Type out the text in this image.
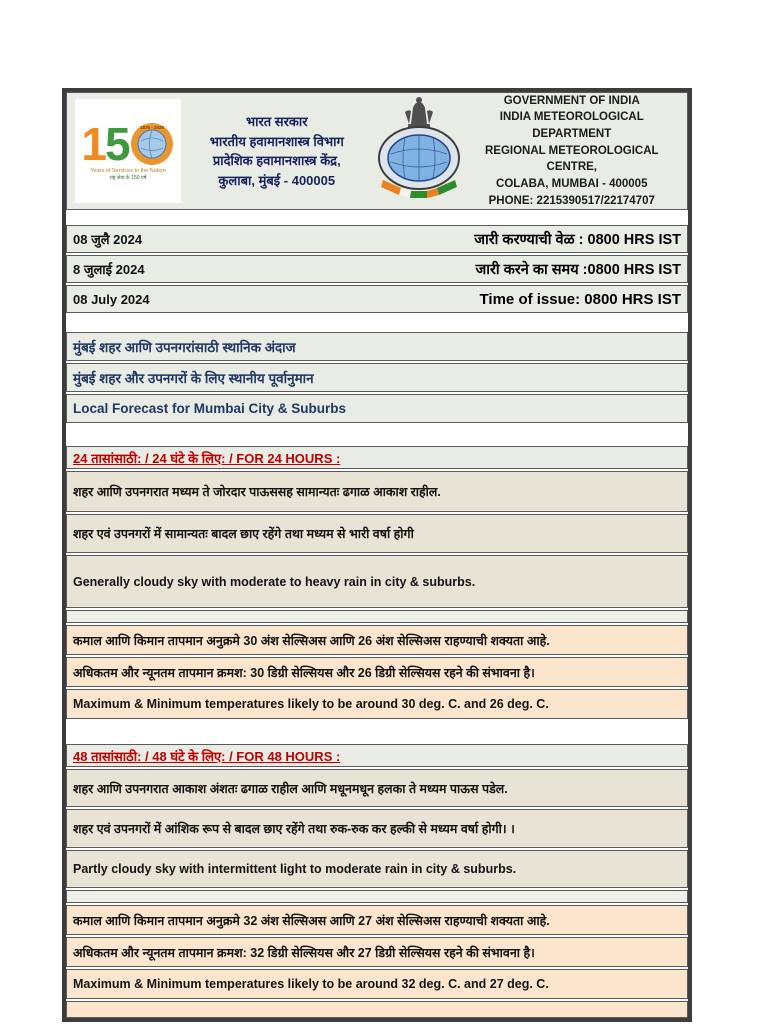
1 5 1875 - 2025
Years of Services to the Nation
राष्ट्र सेवा के 150 वर्ष
भारत सरकार
भारतीय हवामानशास्त्र विभाग
प्रादेशिक हवामानशास्त्र केंद्र,
कुलाबा, मुंबई - 400005
GOVERNMENT OF INDIA
INDIA METEOROLOGICAL DEPARTMENT
REGIONAL METEOROLOGICAL CENTRE,
COLABA, MUMBAI - 400005
PHONE: 2215390517/22174707
08 जुलै 2024	जारी करण्याची वेळ : 0800 HRS IST
8 जुलाई 2024	जारी करने का समय :0800 HRS IST
08 July 2024	Time of issue: 0800 HRS IST
मुंबई शहर आणि उपनगरांसाठी स्थानिक अंदाज
मुंबई शहर और उपनगरों के लिए स्थानीय पूर्वानुमान
Local Forecast for Mumbai City & Suburbs
24 तासांसाठी: / 24 घंटे के लिए: / FOR 24 HOURS :
शहर आणि उपनगरात मध्यम ते जोरदार पाऊससह सामान्यतः ढगाळ आकाश राहील.
शहर एवं उपनगरों में सामान्यतः बादल छाए रहेंगे तथा मध्यम से भारी वर्षा होगी
Generally cloudy sky with moderate to heavy rain in city & suburbs.
कमाल आणि किमान तापमान अनुक्रमे 30 अंश सेल्सिअस आणि 26 अंश सेल्सिअस राहण्याची शक्यता आहे.
अधिकतम और न्यूनतम तापमान क्रमश: 30 डिग्री सेल्सियस और 26 डिग्री सेल्सियस रहने की संभावना है।
Maximum & Minimum temperatures likely to be around 30 deg. C. and 26 deg. C.
48 तासांसाठी: / 48 घंटे के लिए: / FOR 48 HOURS :
शहर आणि उपनगरात आकाश अंशतः ढगाळ राहील आणि मधूनमधून हलका ते मध्यम पाऊस पडेल.
शहर एवं उपनगरों में आंशिक रूप से बादल छाए रहेंगे तथा रुक-रुक कर हल्की से मध्यम वर्षा होगी। ।
Partly cloudy sky with intermittent light to moderate rain in city & suburbs.
कमाल आणि किमान तापमान अनुक्रमे 32 अंश सेल्सिअस आणि 27 अंश सेल्सिअस राहण्याची शक्यता आहे.
अधिकतम और न्यूनतम तापमान क्रमश: 32 डिग्री सेल्सियस और 27 डिग्री सेल्सियस रहने की संभावना है।
Maximum & Minimum temperatures likely to be around 32 deg. C. and 27 deg. C.
